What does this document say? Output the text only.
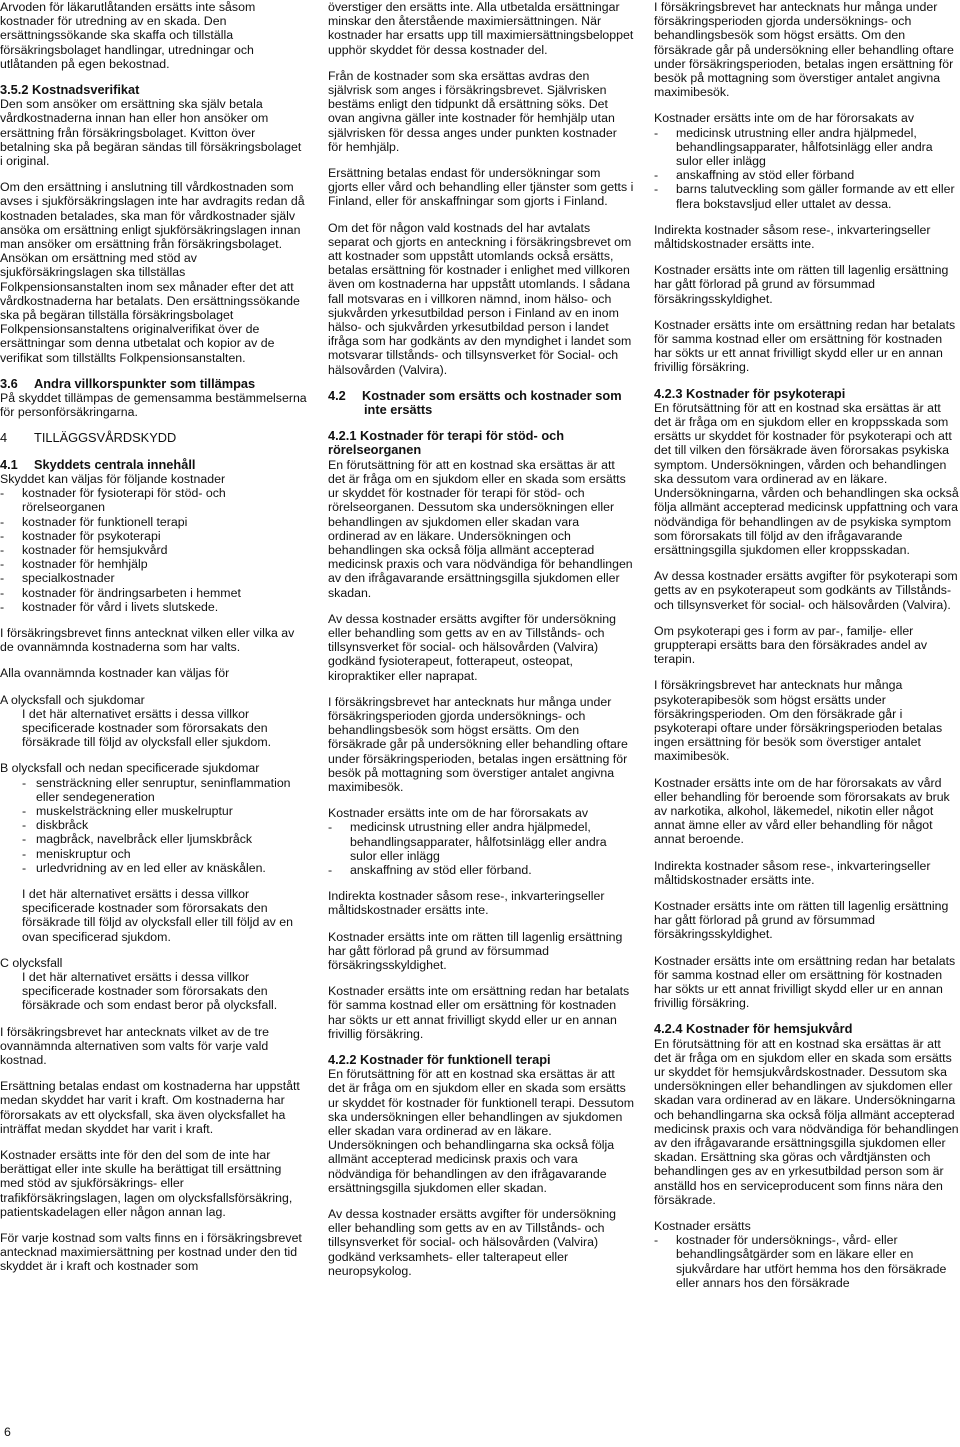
Arvoden för läkarutlåtanden ersätts inte såsom kostnader för utredning av en skada. Den ersättningssökande ska skaffa och tillställa försäkringsbolaget handlingar, utredningar och utlåtanden på egen bekostnad.

3.5.2 Kostnadsverifikat

Den som ansöker om ersättning ska själv betala vårdkostnaderna innan han eller hon ansöker om ersättning från försäkringsbolaget. Kvitton över betalning ska på begäran sändas till försäkringsbolaget i original.

Om den ersättning i anslutning till vårdkostnaden som avses i sjukförsäkringslagen inte har avdragits redan då kostnaden betalades, ska man för vårdkostnader själv ansöka om ersättning enligt sjukförsäkringslagen innan man ansöker om ersättning från försäkringsbolaget. Ansökan om ersättning med stöd av sjukförsäkringslagen ska tillställas Folkpensionsanstalten inom sex månader efter det att vårdkostnaderna har betalats. Den ersättningssökande ska på begäran tillställa försäkringsbolaget Folkpensionsanstaltens originalverifikat över de ersättningar som denna utbetalat och kopior av de verifikat som tillställts Folkpensionsanstalten.

3.6 Andra villkorspunkter som tillämpas

På skyddet tillämpas de gemensamma bestämmelserna för personförsäkringarna.

4 TILLÄGGSVÅRDSKYDD
4.1 Skyddets centrala innehåll

Skyddet kan väljas för följande kostnader

- kostnader för fysioterapi för stöd- och rörelseorganen
- kostnader för funktionell terapi
- kostnader för psykoterapi
- kostnader för hemsjukvård
- kostnader för hemhjälp
- specialkostnader
- kostnader för ändringsarbeten i hemmet
- kostnader för vård i livets slutskede.

I försäkringsbrevet finns antecknat vilken eller vilka av de ovannämnda kostnaderna som har valts.

Alla ovannämnda kostnader kan väljas för

A olycksfall och sjukdomar
I det här alternativet ersätts i dessa villkor specificerade kostnader som förorsakats den försäkrade till följd av olycksfall eller sjukdom.
B olycksfall och nedan specificerade sjukdomar
- sensträckning eller senruptur, seninflammation eller sendegeneration
- muskelsträckning eller muskelruptur
- diskbråck
- magbråck, navelbråck eller ljumskbråck
- meniskruptur och
- urledvridning av en led eller av knäskålen.
I det här alternativet ersätts i dessa villkor specificerade kostnader som förorsakats den försäkrade till följd av olycksfall eller till följd av en ovan specificerad sjukdom.
C olycksfall
I det här alternativet ersätts i dessa villkor specificerade kostnader som förorsakats den försäkrade och som endast beror på olycksfall.

I försäkringsbrevet har antecknats vilket av de tre ovannämnda alternativen som valts för varje vald kostnad.

Ersättning betalas endast om kostnaderna har uppstått medan skyddet har varit i kraft. Om kostnaderna har förorsakats av ett olycksfall, ska även olycksfallet ha inträffat medan skyddet har varit i kraft.

Kostnader ersätts inte för den del som de inte har berättigat eller inte skulle ha berättigat till ersättning med stöd av sjukförsäkrings- eller trafikförsäkringslagen, lagen om olycksfallsförsäkring, patientskadelagen eller någon annan lag.

För varje kostnad som valts finns en i försäkringsbrevet antecknad maximiersättning per kostnad under den tid skyddet är i kraft och kostnader som

överstiger den ersätts inte. Alla utbetalda ersättningar minskar den återstående maximiersättningen. När kostnader har ersatts upp till maximiersättningsbeloppet upphör skyddet för dessa kostnader del.

Från de kostnader som ska ersättas avdras den självrisk som anges i försäkringsbrevet. Självrisken bestäms enligt den tidpunkt då ersättning söks. Det ovan angivna gäller inte kostnader för hemhjälp utan självrisken för dessa anges under punkten kostnader för hemhjälp.

Ersättning betalas endast för undersökningar som gjorts eller vård och behandling eller tjänster som getts i Finland, eller för anskaffningar som gjorts i Finland.

Om det för någon vald kostnads del har avtalats separat och gjorts en anteckning i försäkringsbrevet om att kostnader som uppstått utomlands också ersätts, betalas ersättning för kostnader i enlighet med villkoren även om kostnaderna har uppstått utomlands. I sådana fall motsvaras en i villkoren nämnd, inom hälso- och sjukvården yrkesutbildad person i Finland av en inom hälso- och sjukvården yrkesutbildad person i landet ifråga som har godkänts av den myndighet i landet som motsvarar tillstånds- och tillsynsverket för Social- och hälsovården (Valvira).

4.2 Kostnader som ersätts och kostnader som inte ersätts
4.2.1 Kostnader för terapi för stöd- och rörelseorganen

En förutsättning för att en kostnad ska ersättas är att det är fråga om en sjukdom eller en skada som ersätts ur skyddet för kostnader för terapi för stöd- och rörelseorganen. Dessutom ska undersökningen eller behandlingen av sjukdomen eller skadan vara ordinerad av en läkare. Undersökningen och behandlingen ska också följa allmänt accepterad medicinsk praxis och vara nödvändiga för behandlingen av den ifrågavarande ersättningsgilla sjukdomen eller skadan.

Av dessa kostnader ersätts avgifter för undersökning eller behandling som getts av en av Tillstånds- och tillsynsverket för social- och hälsovården (Valvira) godkänd fysioterapeut, fotterapeut, osteopat, kiropraktiker eller naprapat.

I försäkringsbrevet har antecknats hur många under försäkringsperioden gjorda undersöknings- och behandlingsbesök som högst ersätts. Om den försäkrade går på undersökning eller behandling oftare under försäkringsperioden, betalas ingen ersättning för besök på mottagning som överstiger antalet angivna maximibesök.

Kostnader ersätts inte om de har förorsakats av

- medicinsk utrustning eller andra hjälpmedel, behandlingsapparater, hålfotsinlägg eller andra sulor eller inlägg
- anskaffning av stöd eller förband.

Indirekta kostnader såsom rese-, inkvarteringseller måltidskostnader ersätts inte.

Kostnader ersätts inte om rätten till lagenlig ersättning har gått förlorad på grund av försummad försäkringsskyldighet.

Kostnader ersätts inte om ersättning redan har betalats för samma kostnad eller om ersättning för kostnaden har sökts ur ett annat frivilligt skydd eller ur en annan frivillig försäkring.

4.2.2 Kostnader för funktionell terapi

En förutsättning för att en kostnad ska ersättas är att det är fråga om en sjukdom eller en skada som ersätts ur skyddet för kostnader för funktionell terapi. Dessutom ska undersökningen eller behandlingen av sjukdomen eller skadan vara ordinerad av en läkare. Undersökningen och behandlingarna ska också följa allmänt accepterad medicinsk praxis och vara nödvändiga för behandlingen av den ifrågavarande ersättningsgilla sjukdomen eller skadan.

Av dessa kostnader ersätts avgifter för undersökning eller behandling som getts av en av Tillstånds- och tillsynsverket för social- och hälsovården (Valvira) godkänd verksamhets- eller talterapeut eller neuropsykolog.

I försäkringsbrevet har antecknats hur många under försäkringsperioden gjorda undersöknings- och behandlingsbesök som högst ersätts. Om den försäkrade går på undersökning eller behandling oftare under försäkringsperioden, betalas ingen ersättning för besök på mottagning som överstiger antalet angivna maximibesök.

Kostnader ersätts inte om de har förorsakats av

- medicinsk utrustning eller andra hjälpmedel, behandlingsapparater, hålfotsinlägg eller andra sulor eller inlägg
- anskaffning av stöd eller förband
- barns talutveckling som gäller formande av ett eller flera bokstavsljud eller uttalet av dessa.

Indirekta kostnader såsom rese-, inkvarteringseller måltidskostnader ersätts inte.

Kostnader ersätts inte om rätten till lagenlig ersättning har gått förlorad på grund av försummad försäkringsskyldighet.

Kostnader ersätts inte om ersättning redan har betalats för samma kostnad eller om ersättning för kostnaden har sökts ur ett annat frivilligt skydd eller ur en annan frivillig försäkring.

4.2.3 Kostnader för psykoterapi

En förutsättning för att en kostnad ska ersättas är att det är fråga om en sjukdom eller en kroppsskada som ersätts ur skyddet för kostnader för psykoterapi och att det till vilken den försäkrade även förorsakas psykiska symptom. Undersökningen, vården och behandlingen ska dessutom vara ordinerad av en läkare. Undersökningarna, vården och behandlingen ska också följa allmänt accepterad medicinsk uppfattning och vara nödvändiga för behandlingen av de psykiska symptom som förorsakats till följd av den ifrågavarande ersättningsgilla sjukdomen eller kroppsskadan.

Av dessa kostnader ersätts avgifter för psykoterapi som getts av en psykoterapeut som godkänts av Tillstånds- och tillsynsverket för social- och hälsovården (Valvira).

Om psykoterapi ges i form av par-, familje- eller gruppterapi ersätts bara den försäkrades andel av terapin.

I försäkringsbrevet har antecknats hur många psykoterapibesök som högst ersätts under försäkringsperioden. Om den försäkrade går i psykoterapi oftare under försäkringsperioden betalas ingen ersättning för besök som överstiger antalet maximibesök.

Kostnader ersätts inte om de har förorsakats av vård eller behandling för beroende som förorsakats av bruk av narkotika, alkohol, läkemedel, nikotin eller något annat ämne eller av vård eller behandling för något annat beroende.

Indirekta kostnader såsom rese-, inkvarteringseller måltidskostnader ersätts inte.

Kostnader ersätts inte om rätten till lagenlig ersättning har gått förlorad på grund av försummad försäkringsskyldighet.

Kostnader ersätts inte om ersättning redan har betalats för samma kostnad eller om ersättning för kostnaden har sökts ur ett annat frivilligt skydd eller ur en annan frivillig försäkring.

4.2.4 Kostnader för hemsjukvård

En förutsättning för att en kostnad ska ersättas är att det är fråga om en sjukdom eller en skada som ersätts ur skyddet för hemsjukvårdskostnader. Dessutom ska undersökningen eller behandlingen av sjukdomen eller skadan vara ordinerad av en läkare. Undersökningarna och behandlingarna ska också följa allmänt accepterad medicinsk praxis och vara nödvändiga för behandlingen av den ifrågavarande ersättningsgilla sjukdomen eller skadan. Ersättning ska göras och vårdtjänsten och behandlingen ges av en yrkesutbildad person som är anställd hos en serviceproducent som finns nära den försäkrade.

Kostnader ersätts

- kostnader för undersöknings-, vård- eller behandlingsåtgärder som en läkare eller en sjukvårdare har utfört hemma hos den försäkrade eller annars hos den försäkrade
6
